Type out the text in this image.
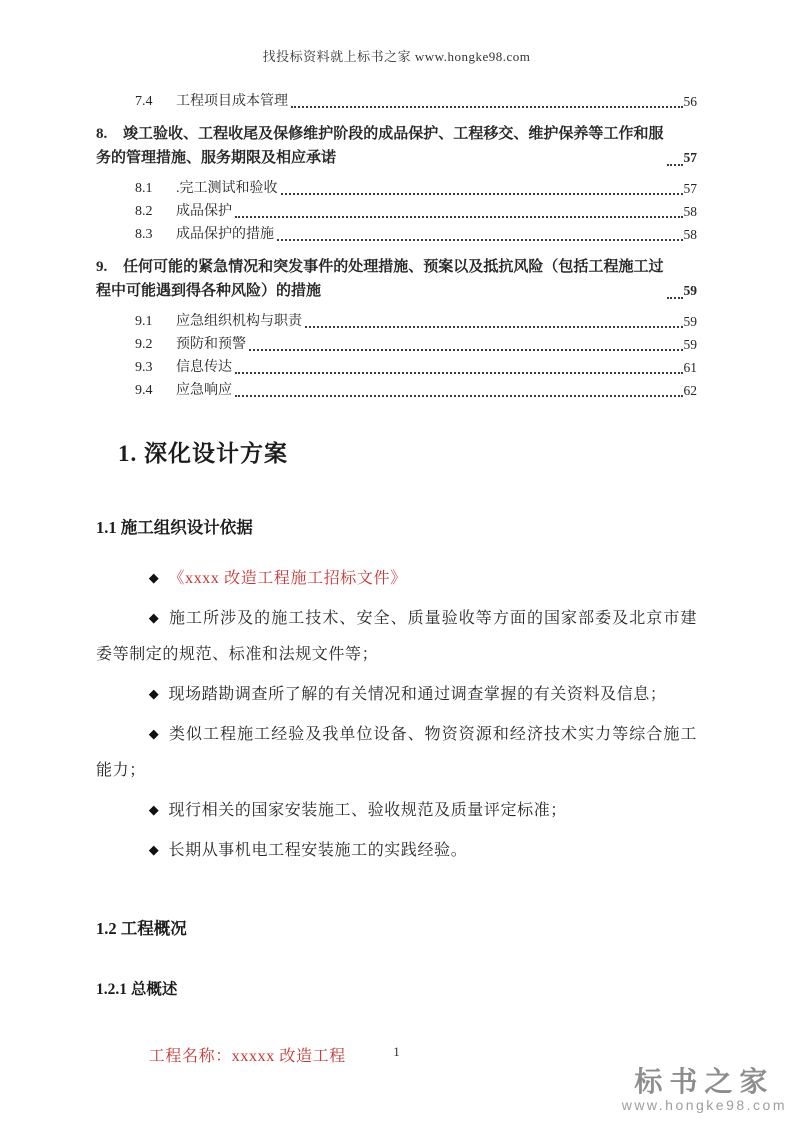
找投标资料就上标书之家 www.hongke98.com
7.4 工程项目成本管理	56
8. 竣工验收、工程收尾及保修维护阶段的成品保护、工程移交、维护保养等工作和服务的管理措施、服务期限及相应承诺	57
8.1 .完工测试和验收	57
8.2 成品保护	58
8.3 成品保护的措施	58
9. 任何可能的紧急情况和突发事件的处理措施、预案以及抵抗风险（包括工程施工过程中可能遇到得各种风险）的措施	59
9.1 应急组织机构与职责	59
9.2 预防和预警	59
9.3 信息传达	61
9.4 应急响应	62
1. 深化设计方案
1.1 施工组织设计依据

◆ 《xxxx 改造工程施工招标文件》

◆ 施工所涉及的施工技术、安全、质量验收等方面的国家部委及北京市建委等制定的规范、标准和法规文件等；

◆ 现场踏勘调查所了解的有关情况和通过调查掌握的有关资料及信息；

◆ 类似工程施工经验及我单位设备、物资资源和经济技术实力等综合施工能力；

◆ 现行相关的国家安装施工、验收规范及质量评定标准；

◆ 长期从事机电工程安装施工的实践经验。

1.2 工程概况
1.2.1 总概述

工程名称：xxxxx 改造工程	1
标书之家
www.hongke98.com
